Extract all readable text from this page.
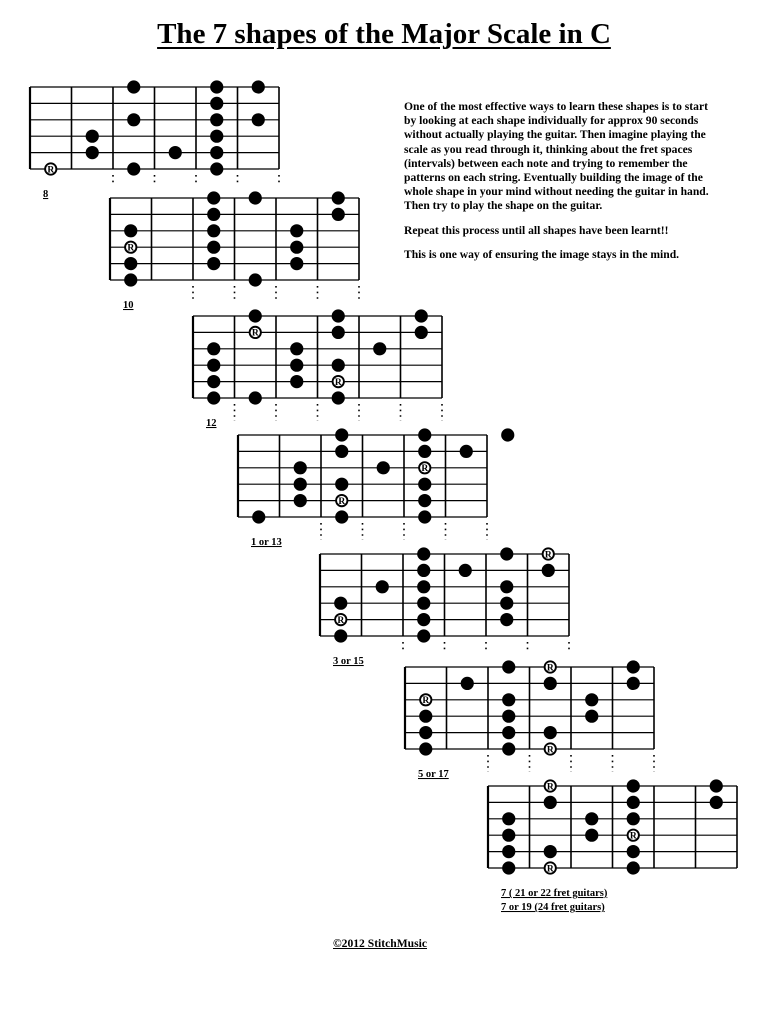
The 7 shapes of the Major Scale in C

One of the most effective ways to learn these shapes is to start by looking at each shape individually for approx 90 seconds without actually playing the guitar. Then imagine playing the scale as you read through it, thinking about the fret spaces (intervals) between each note and trying to remember the patterns on each string. Eventually building the image of the whole shape in your mind without needing the guitar in hand. Then try to play the shape on the guitar.

Repeat this process until all shapes have been learnt!!

This is one way of ensuring the image stays in the mind.

R
8
R
10
R
R
12
R
R
1 or 13
R
R
3 or 15
R
R
R
5 or 17
R
R
R
7 ( 21 or 22 fret guitars)
7 or 19 (24 fret guitars)
©2012 StitchMusic
